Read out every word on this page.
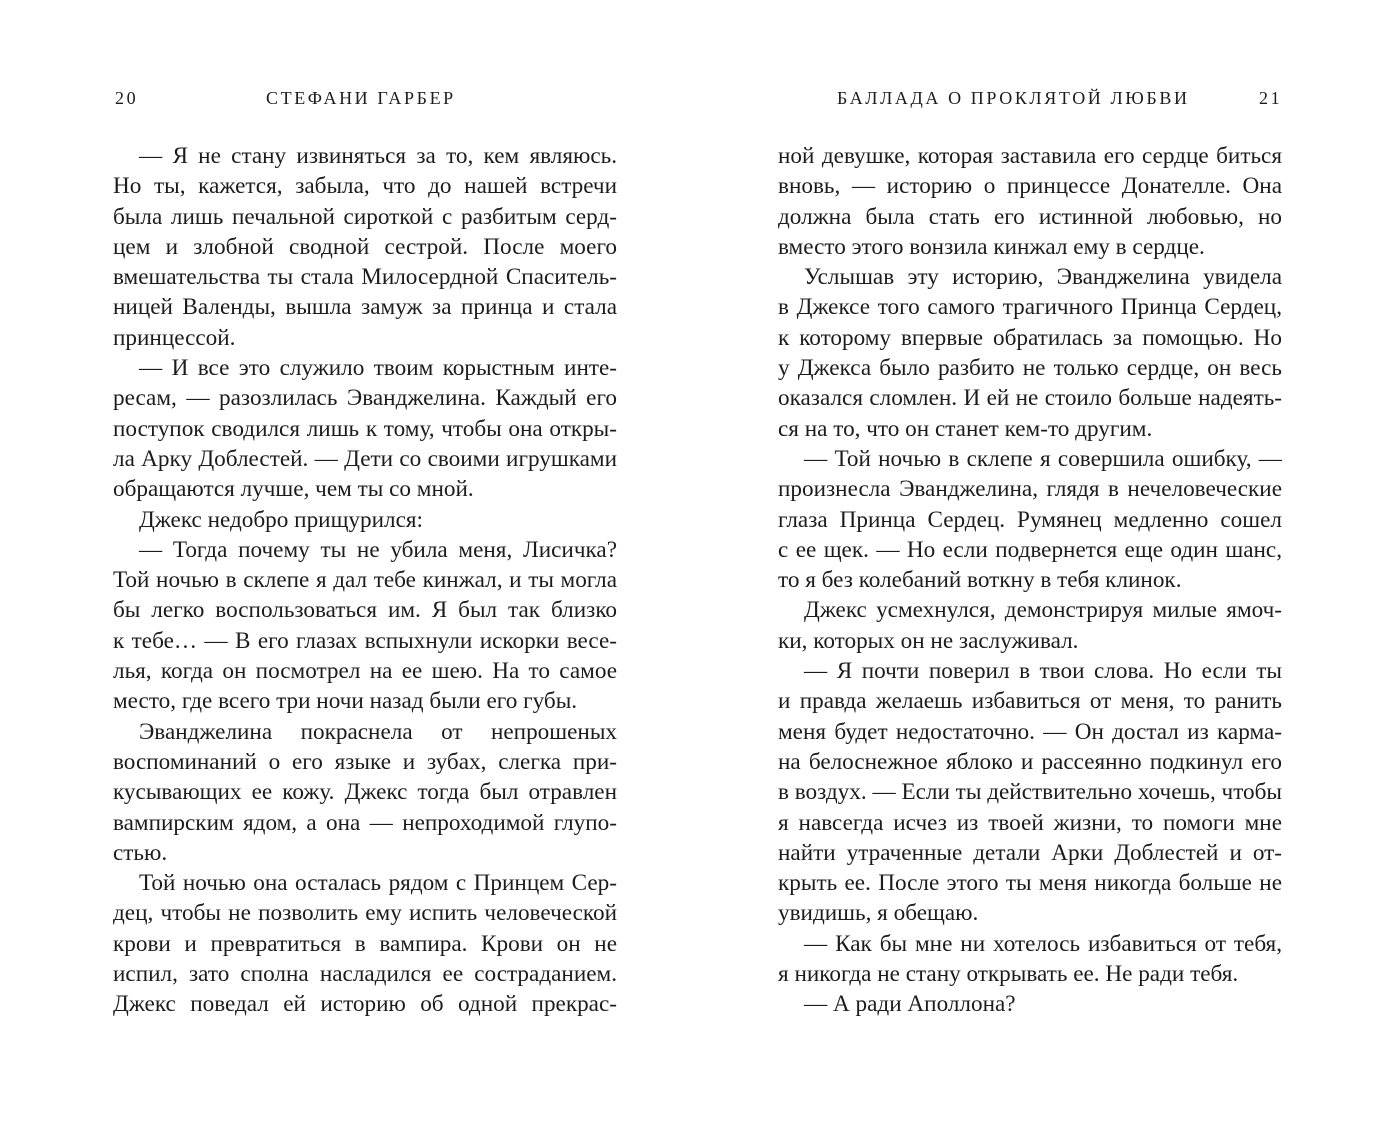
20	СТЕФАНИ ГАРБЕР
— Я не стану извиняться за то, кем являюсь.
Но ты, кажется, забыла, что до нашей встречи
была лишь печальной сироткой с разбитым серд-
цем и злобной сводной сестрой. После моего
вмешательства ты стала Милосердной Спаситель-
ницей Валенды, вышла замуж за принца и стала
принцессой.
— И все это служило твоим корыстным инте-
ресам, — разозлилась Эванджелина. Каждый его
поступок сводился лишь к тому, чтобы она откры-
ла Арку Доблестей. — Дети со своими игрушками
обращаются лучше, чем ты со мной.
Джекс недобро прищурился:
— Тогда почему ты не убила меня, Лисичка?
Той ночью в склепе я дал тебе кинжал, и ты могла
бы легко воспользоваться им. Я был так близко
к тебе… — В его глазах вспыхнули искорки весе-
лья, когда он посмотрел на ее шею. На то самое
место, где всего три ночи назад были его губы.
Эванджелина покраснела от непрошеных
воспоминаний о его языке и зубах, слегка при-
кусывающих ее кожу. Джекс тогда был отравлен
вампирским ядом, а она — непроходимой глупо-
стью.
Той ночью она осталась рядом с Принцем Сер-
дец, чтобы не позволить ему испить человеческой
крови и превратиться в вампира. Крови он не
испил, зато сполна насладился ее состраданием.
Джекс поведал ей историю об одной прекрас-
БАЛЛАДА О ПРОКЛЯТОЙ ЛЮБВИ	21
ной девушке, которая заставила его сердце биться
вновь, — историю о принцессе Донателле. Она
должна была стать его истинной любовью, но
вместо этого вонзила кинжал ему в сердце.
Услышав эту историю, Эванджелина увидела
в Джексе того самого трагичного Принца Сердец,
к которому впервые обратилась за помощью. Но
у Джекса было разбито не только сердце, он весь
оказался сломлен. И ей не стоило больше надеять-
ся на то, что он станет кем-то другим.
— Той ночью в склепе я совершила ошибку, —
произнесла Эванджелина, глядя в нечеловеческие
глаза Принца Сердец. Румянец медленно сошел
с ее щек. — Но если подвернется еще один шанс,
то я без колебаний воткну в тебя клинок.
Джекс усмехнулся, демонстрируя милые ямоч-
ки, которых он не заслуживал.
— Я почти поверил в твои слова. Но если ты
и правда желаешь избавиться от меня, то ранить
меня будет недостаточно. — Он достал из карма-
на белоснежное яблоко и рассеянно подкинул его
в воздух. — Если ты действительно хочешь, чтобы
я навсегда исчез из твоей жизни, то помоги мне
найти утраченные детали Арки Доблестей и от-
крыть ее. После этого ты меня никогда больше не
увидишь, я обещаю.
— Как бы мне ни хотелось избавиться от тебя,
я никогда не стану открывать ее. Не ради тебя.
— А ради Аполлона?
